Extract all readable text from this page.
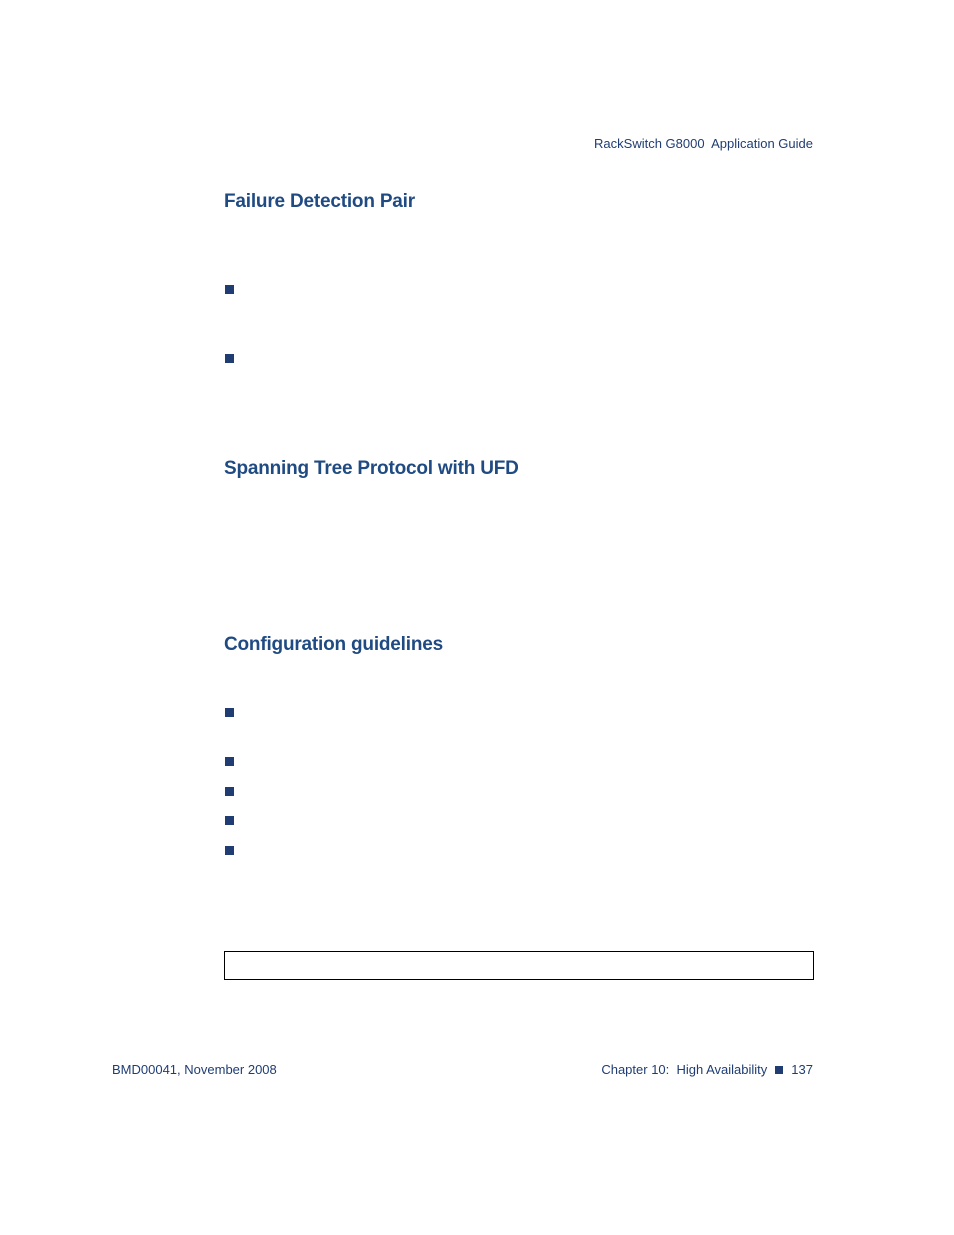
RackSwitch G8000  Application Guide
Failure Detection Pair
Spanning Tree Protocol with UFD
Configuration guidelines
BMD00041, November 2008	Chapter 10:  High Availability 137
